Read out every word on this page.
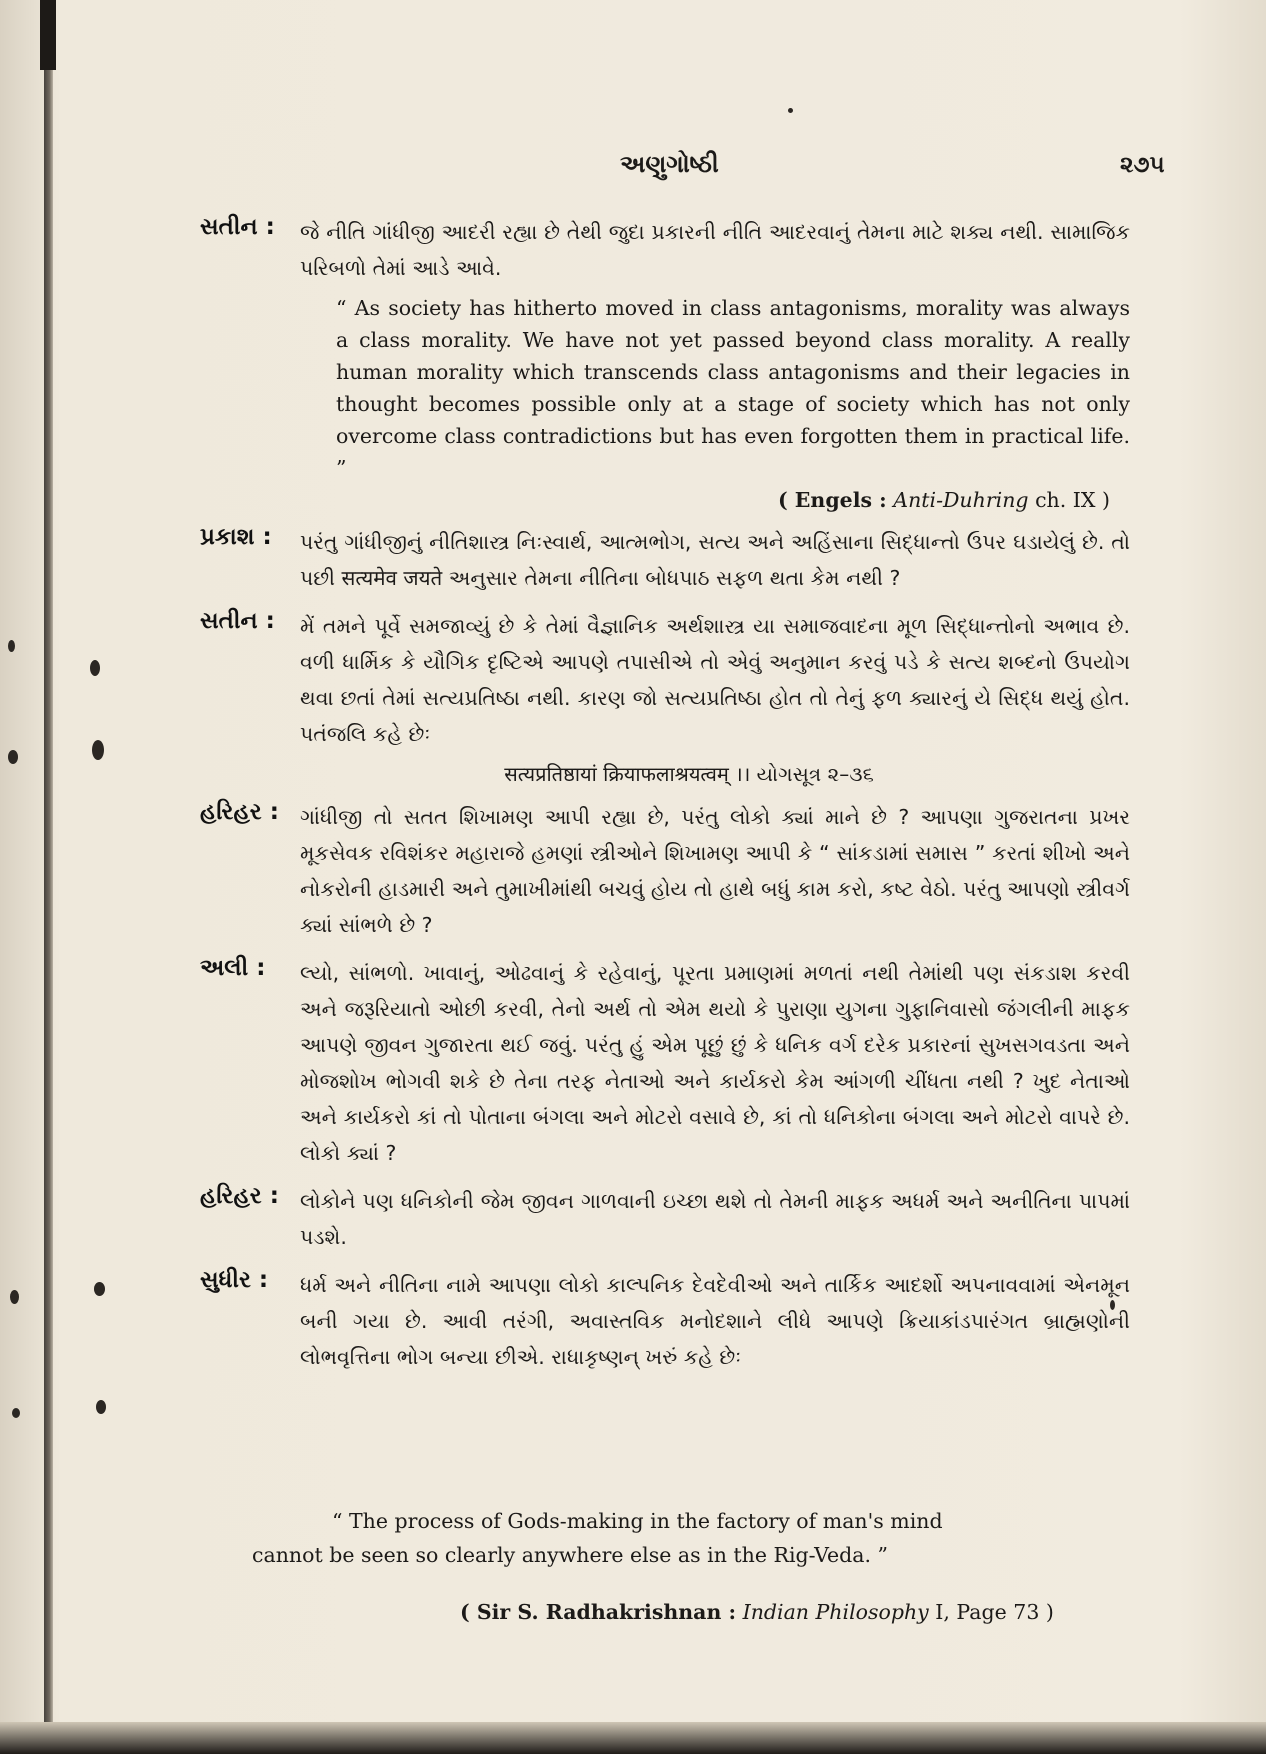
અણુગોષ્ઠી	૨૭૫
સતીન : જે નીતિ ગાંધીજી આદરી રહ્યા છે તેથી જુદા પ્રકારની નીતિ આદરવાનું તેમના માટે શક્ય નથી. સામાજિક પરિબળો તેમાં આડે આવે.

“ As society has hitherto moved in class antagonisms, morality was always a class morality. We have not yet passed beyond class morality. A really human morality which transcends class antagonisms and their legacies in thought becomes possible only at a stage of society which has not only overcome class contradictions but has even forgotten them in practical life. ”

( Engels : Anti-Duhring ch. IX )

પ્રકાશ : પરંતુ ગાંધીજીનું નીતિશાસ્ત્ર નિઃસ્વાર્થ, આત્મભોગ, સત્ય અને અહિંસાના સિદ્ધાન્તો ઉપર ઘડાયેલું છે. તો પછી सत्यमेव जयते અનુસાર તેમના નીતિના બોધપાઠ સફળ થતા કેમ નથી ?

સતીન : મેં તમને પૂર્વે સમજાવ્યું છે કે તેમાં વૈજ્ઞાનિક અર્થશાસ્ત્ર યા સમાજવાદના મૂળ સિદ્ધાન્તોનો અભાવ છે. વળી ધાર્મિક કે યૌગિક દૃષ્ટિએ આપણે તપાસીએ તો એવું અનુમાન કરવું પડે કે સત્ય શબ્દનો ઉપયોગ થવા છતાં તેમાં સત્યપ્રતિષ્ઠા નથી. કારણ જો સત્યપ્રતિષ્ઠા હોત તો તેનું ફળ ક્યારનું યે સિદ્ધ થયું હોત. પતંજલિ કહે છેઃ

सत्यप्रतिष्ठायां क्रियाफलाश्रयत्वम् ।। યોગસૂત્ર ૨–૩૬

હરિહર : ગાંધીજી તો સતત શિખામણ આપી રહ્યા છે, પરંતુ લોકો ક્યાં માને છે ? આપણા ગુજરાતના પ્રખર મૂકસેવક રવિશંકર મહારાજે હમણાં સ્ત્રીઓને શિખામણ આપી કે “ સાંકડામાં સમાસ ” કરતાં શીખો અને નોકરોની હાડમારી અને તુમાખીમાંથી બચવું હોય તો હાથે બધું કામ કરો, કષ્ટ વેઠો. પરંતુ આપણો સ્ત્રીવર્ગ ક્યાં સાંભળે છે ?

અલી : લ્યો, સાંભળો. ખાવાનું, ઓઢવાનું કે રહેવાનું, પૂરતા પ્રમાણમાં મળતાં નથી તેમાંથી પણ સંકડાશ કરવી અને જરૂરિયાતો ઓછી કરવી, તેનો અર્થ તો એમ થયો કે પુરાણા યુગના ગુફાનિવાસો જંગલીની માફક આપણે જીવન ગુજારતા થઈ જવું. પરંતુ હું એમ પૂછું છું કે ધનિક વર્ગ દરેક પ્રકારનાં સુખસગવડતા અને મોજશોખ ભોગવી શકે છે તેના તરફ નેતાઓ અને કાર્યકરો કેમ આંગળી ચીંધતા નથી ? ખુદ નેતાઓ અને કાર્યકરો કાં તો પોતાના બંગલા અને મોટરો વસાવે છે, કાં તો ધનિકોના બંગલા અને મોટરો વાપરે છે. લોકો ક્યાં ?

હરિહર : લોકોને પણ ધનિકોની જેમ જીવન ગાળવાની ઇચ્છા થશે તો તેમની માફક અધર્મ અને અનીતિના પાપમાં પડશે.

સુધીર : ધર્મ અને નીતિના નામે આપણા લોકો કાલ્પનિક દેવદેવીઓ અને તાર્કિક આદર્શો અપનાવવામાં એનમૂન બની ગયા છે. આવી તરંગી, અવાસ્તવિક મનોદશાને લીધે આપણે ક્રિયાકાંડપારંગત બ્રાહ્મણોની લોભવૃત્તિના ભોગ બન્યા છીએ. રાધાકૃષ્ણન્ ખરું કહે છેઃ

“ The process of Gods-making in the factory of man's mind
cannot be seen so clearly anywhere else as in the Rig-Veda. ”
( Sir S. Radhakrishnan : Indian Philosophy I, Page 73 )
